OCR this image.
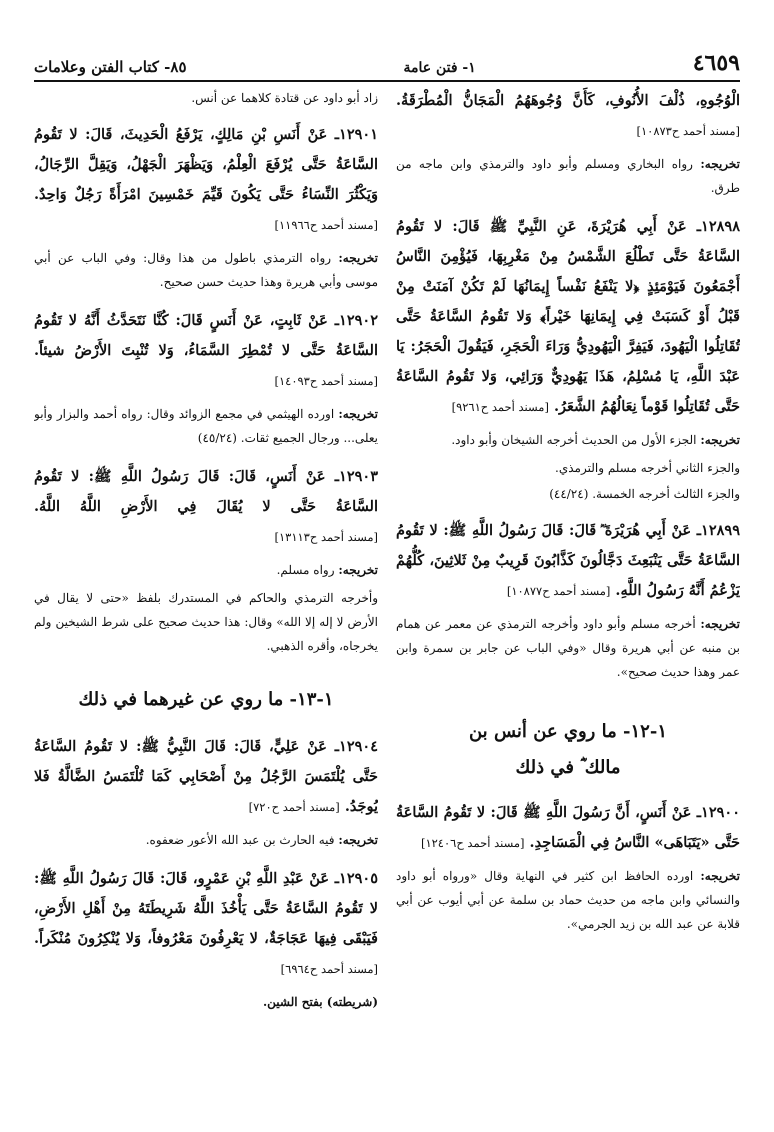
٤٦٥٩
١- فتن عامة
٨٥- كتاب الفتن وعلامات

الْوُجُوهِ، ذُلْفَ الأُنُوفِ، كَأَنَّ وُجُوهَهُمُ الْمَجَانُّ الْمُطْرَقَةُ. [مسند أحمد ح١٠٨٧٣]

تخريجه: رواه البخاري ومسلم وأبو داود والترمذي وابن ماجه من طرق.

١٢٨٩٨ـ عَنْ أَبِي هُرَيْرَةَ، عَنِ النَّبِيِّ ﷺ قَالَ: لا تَقُومُ السَّاعَةُ حَتَّى تَطْلُعَ الشَّمْسُ مِنْ مَغْرِبِهَا، فَيُؤْمِنَ النَّاسُ أَجْمَعُونَ فَيَوْمَئِذٍ ﴿لا يَنْفَعُ نَفْساً إِيمَانُهَا لَمْ تَكُنْ آمَنَتْ مِنْ قَبْلُ أَوْ كَسَبَتْ فِي إِيمَانِهَا خَيْراً﴾ وَلا تَقُومُ السَّاعَةُ حَتَّى تُقَاتِلُوا الْيَهُودَ، فَيَفِرَّ الْيَهُودِيُّ وَرَاءَ الْحَجَرِ، فَيَقُولَ الْحَجَرُ: يَا عَبْدَ اللَّهِ، يَا مُسْلِمُ، هَذَا يَهُودِيٌّ وَرَائِي، وَلا تَقُومُ السَّاعَةُ حَتَّى تُقَاتِلُوا قَوْماً نِعَالُهُمُ الشَّعَرُ. [مسند أحمد ح٩٢٦١]

تخريجه: الجزء الأول من الحديث أخرجه الشيخان وأبو داود.

والجزء الثاني أخرجه مسلم والترمذي.

والجزء الثالث أخرجه الخمسة. (٤٤/٢٤)

١٢٨٩٩ـ عَنْ أَبِي هُرَيْرَةَ ؓ قَالَ: قَالَ رَسُولُ اللَّهِ ﷺ: لا تَقُومُ السَّاعَةُ حَتَّى يَنْبَعِثَ دَجَّالُونَ كَذَّابُونَ قَرِيبٌ مِنْ ثَلاثِينَ، كُلُّهُمْ يَزْعُمُ أَنَّهُ رَسُولُ اللَّهِ. [مسند أحمد ح١٠٨٧٧]

تخريجه: أخرجه مسلم وأبو داود وأخرجه الترمذي عن معمر عن همام بن منبه عن أبي هريرة وقال «وفي الباب عن جابر بن سمرة وابن عمر وهذا حديث صحيح».

١-١٢- ما روي عن أنس بن
مالك ؓ في ذلك

١٢٩٠٠ـ عَنْ أَنَسٍ، أَنَّ رَسُولَ اللَّهِ ﷺ قَالَ: لا تَقُومُ السَّاعَةُ حَتَّى «يَتَبَاهَى» النَّاسُ فِي الْمَسَاجِدِ. [مسند أحمد ح١٢٤٠٦]

تخريجه: اورده الحافظ ابن كثير في النهاية وقال «ورواه أبو داود والنسائي وابن ماجه من حديث حماد بن سلمة عن أبي أيوب عن أبي قلابة عن عبد الله بن زيد الجرمي».

زاد أبو داود عن قتادة كلاهما عن أنس.

١٢٩٠١ـ عَنْ أَنَسِ بْنِ مَالِكٍ، يَرْفَعُ الْحَدِيثَ، قَالَ: لا تَقُومُ السَّاعَةُ حَتَّى يُرْفَعَ الْعِلْمُ، وَيَظْهَرَ الْجَهْلُ، وَيَقِلَّ الرِّجَالُ، وَيَكْثُرَ النِّسَاءُ حَتَّى يَكُونَ قَيِّمَ خَمْسِينَ امْرَأَةً رَجُلٌ وَاحِدٌ. [مسند أحمد ح١١٩٦٦]

تخريجه: رواه الترمذي باطول من هذا وقال: وفي الباب عن أبي موسى وأبي هريرة وهذا حديث حسن صحيح.

١٢٩٠٢ـ عَنْ ثَابِتٍ، عَنْ أَنَسٍ قَالَ: كُنَّا نَتَحَدَّثُ أَنَّهُ لا تَقُومُ السَّاعَةُ حَتَّى لا تُمْطِرَ السَّمَاءُ، وَلا تُنْبِتَ الأَرْضُ شيئاً. [مسند أحمد ح١٤٠٩٣]

تخريجه: اورده الهيثمي في مجمع الزوائد وقال: رواه أحمد والبزار وأبو يعلى... ورجال الجميع ثقات. (٤٥/٢٤)

١٢٩٠٣ـ عَنْ أَنَسٍ، قَالَ: قَالَ رَسُولُ اللَّهِ ﷺ: لا تَقُومُ السَّاعَةُ حَتَّى لا يُقَالَ فِي الأَرْضِ اللَّهُ اللَّهُ. [مسند أحمد ح١٣١١٣]

تخريجه: رواه مسلم.

وأخرجه الترمذي والحاكم في المستدرك بلفظ «حتى لا يقال في الأرض لا إله إلا الله» وقال: هذا حديث صحيح على شرط الشيخين ولم يخرجاه، وأقره الذهبي.

١-١٣- ما روي عن غيرهما في ذلك

١٢٩٠٤ـ عَنْ عَلِيٍّ، قَالَ: قَالَ النَّبِيُّ ﷺ: لا تَقُومُ السَّاعَةُ حَتَّى يُلْتَمَسَ الرَّجُلُ مِنْ أَصْحَابِي كَمَا تُلْتَمَسُ الضَّالَّةُ فَلا يُوجَدُ. [مسند أحمد ح٧٢٠]

تخريجه: فيه الحارث بن عبد الله الأعور ضعفوه.

١٢٩٠٥ـ عَنْ عَبْدِ اللَّهِ بْنِ عَمْرٍو، قَالَ: قَالَ رَسُولُ اللَّهِ ﷺ: لا تَقُومُ السَّاعَةُ حَتَّى يَأْخُذَ اللَّهُ شَرِيطَتَهُ مِنْ أَهْلِ الأَرْضِ، فَيَبْقَى فِيهَا عَجَاجَةٌ، لا يَعْرِفُونَ مَعْرُوفاً، وَلا يُنْكِرُونَ مُنْكَراً. [مسند أحمد ح٦٩٦٤]

(شريطته) بفتح الشين.
